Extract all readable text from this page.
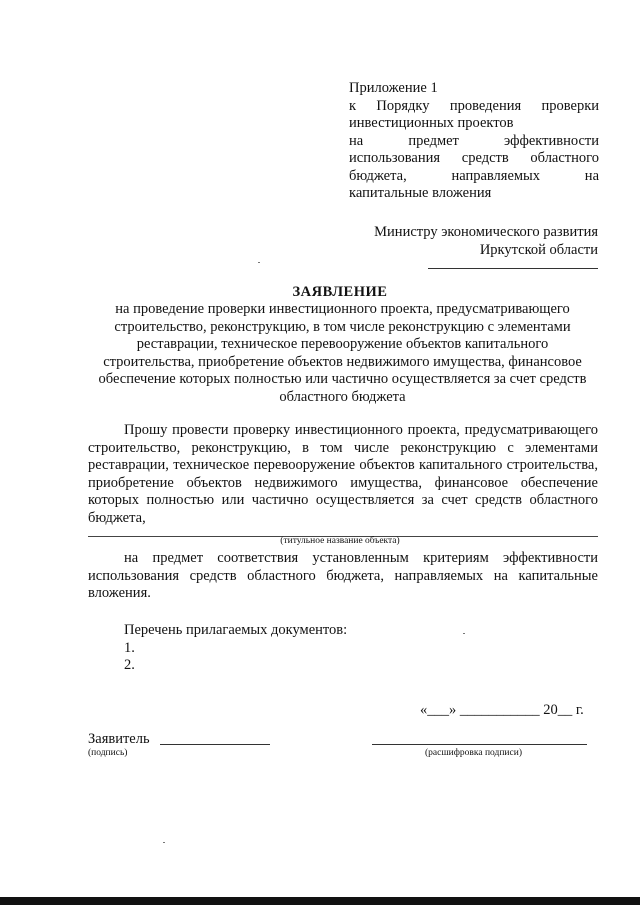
Приложение 1
к Порядку проведения проверки
инвестиционных проектов
на предмет эффективности
использования средств областного
бюджета, направляемых на
капитальные вложения
Министру экономического развития
Иркутской области
ЗАЯВЛЕНИЕ
на проведение проверки инвестиционного проекта, предусматривающего строительство, реконструкцию, в том числе реконструкцию с элементами реставрации, техническое перевооружение объектов капитального строительства, приобретение объектов недвижимого имущества, финансовое обеспечение которых полностью или частично осуществляется за счет средств областного бюджета
Прошу провести проверку инвестиционного проекта, предусматривающего строительство, реконструкцию, в том числе реконструкцию с элементами реставрации, техническое перевооружение объектов капитального строительства, приобретение объектов недвижимого имущества, финансовое обеспечение которых полностью или частично осуществляется за счет средств областного бюджета,
(титульное название объекта)
на предмет соответствия установленным критериям эффективности использования средств областного бюджета, направляемых на капитальные вложения.
Перечень прилагаемых документов:
1.
2.
«___» ___________ 20__ г.
Заявитель
(подпись)	(расшифровка подписи)
